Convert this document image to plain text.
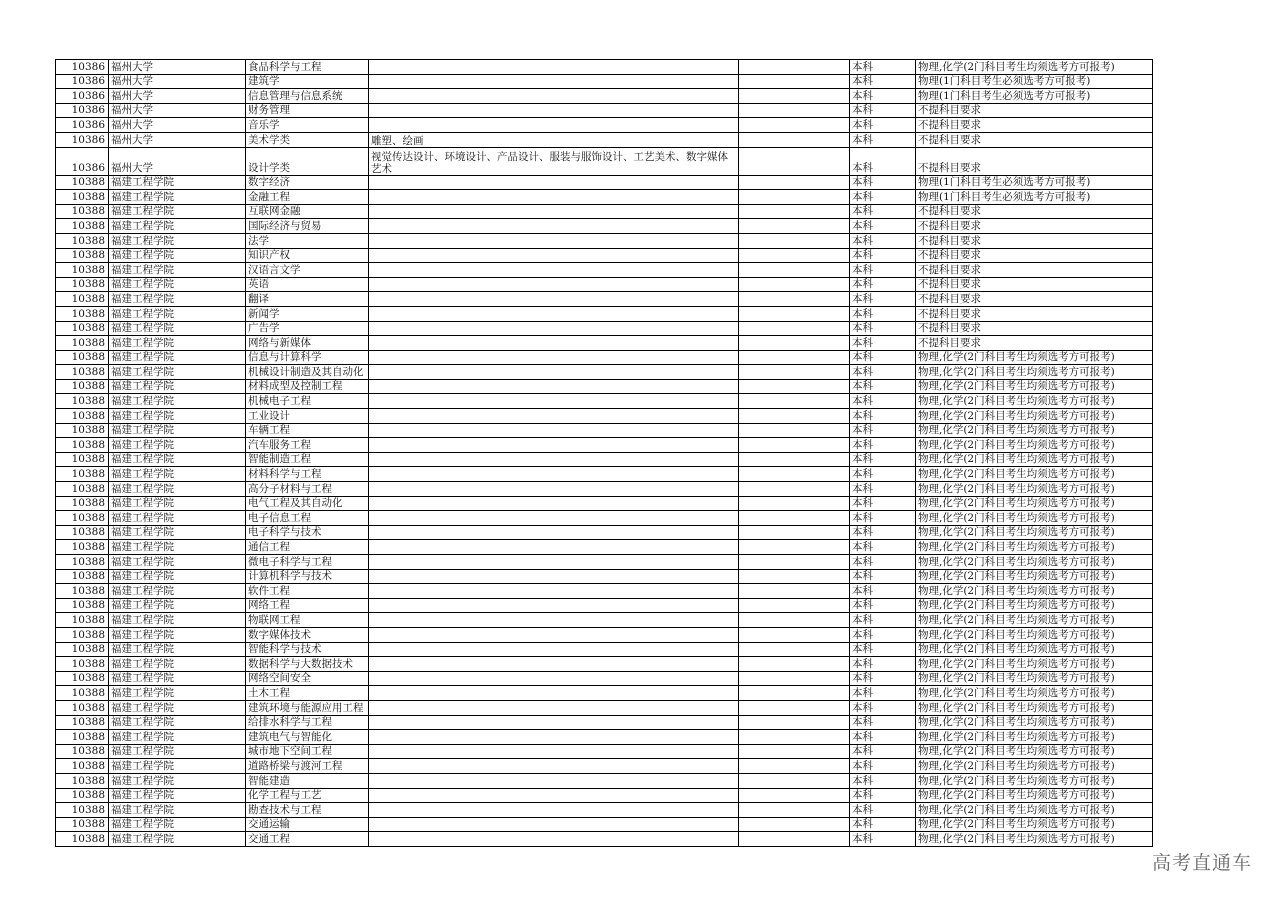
10386	福州大学	食品科学与工程			本科	物理,化学(2门科目考生均须选考方可报考)
10386	福州大学	建筑学			本科	物理(1门科目考生必须选考方可报考)
10386	福州大学	信息管理与信息系统			本科	物理(1门科目考生必须选考方可报考)
10386	福州大学	财务管理			本科	不提科目要求
10386	福州大学	音乐学			本科	不提科目要求
10386	福州大学	美术学类	雕塑、绘画		本科	不提科目要求
10386	福州大学	设计学类	视觉传达设计、环境设计、产品设计、服装与服饰设计、工艺美术、数字媒体艺术		本科	不提科目要求
10388	福建工程学院	数字经济			本科	物理(1门科目考生必须选考方可报考)
10388	福建工程学院	金融工程			本科	物理(1门科目考生必须选考方可报考)
10388	福建工程学院	互联网金融			本科	不提科目要求
10388	福建工程学院	国际经济与贸易			本科	不提科目要求
10388	福建工程学院	法学			本科	不提科目要求
10388	福建工程学院	知识产权			本科	不提科目要求
10388	福建工程学院	汉语言文学			本科	不提科目要求
10388	福建工程学院	英语			本科	不提科目要求
10388	福建工程学院	翻译			本科	不提科目要求
10388	福建工程学院	新闻学			本科	不提科目要求
10388	福建工程学院	广告学			本科	不提科目要求
10388	福建工程学院	网络与新媒体			本科	不提科目要求
10388	福建工程学院	信息与计算科学			本科	物理,化学(2门科目考生均须选考方可报考)
10388	福建工程学院	机械设计制造及其自动化			本科	物理,化学(2门科目考生均须选考方可报考)
10388	福建工程学院	材料成型及控制工程			本科	物理,化学(2门科目考生均须选考方可报考)
10388	福建工程学院	机械电子工程			本科	物理,化学(2门科目考生均须选考方可报考)
10388	福建工程学院	工业设计			本科	物理,化学(2门科目考生均须选考方可报考)
10388	福建工程学院	车辆工程			本科	物理,化学(2门科目考生均须选考方可报考)
10388	福建工程学院	汽车服务工程			本科	物理,化学(2门科目考生均须选考方可报考)
10388	福建工程学院	智能制造工程			本科	物理,化学(2门科目考生均须选考方可报考)
10388	福建工程学院	材料科学与工程			本科	物理,化学(2门科目考生均须选考方可报考)
10388	福建工程学院	高分子材料与工程			本科	物理,化学(2门科目考生均须选考方可报考)
10388	福建工程学院	电气工程及其自动化			本科	物理,化学(2门科目考生均须选考方可报考)
10388	福建工程学院	电子信息工程			本科	物理,化学(2门科目考生均须选考方可报考)
10388	福建工程学院	电子科学与技术			本科	物理,化学(2门科目考生均须选考方可报考)
10388	福建工程学院	通信工程			本科	物理,化学(2门科目考生均须选考方可报考)
10388	福建工程学院	微电子科学与工程			本科	物理,化学(2门科目考生均须选考方可报考)
10388	福建工程学院	计算机科学与技术			本科	物理,化学(2门科目考生均须选考方可报考)
10388	福建工程学院	软件工程			本科	物理,化学(2门科目考生均须选考方可报考)
10388	福建工程学院	网络工程			本科	物理,化学(2门科目考生均须选考方可报考)
10388	福建工程学院	物联网工程			本科	物理,化学(2门科目考生均须选考方可报考)
10388	福建工程学院	数字媒体技术			本科	物理,化学(2门科目考生均须选考方可报考)
10388	福建工程学院	智能科学与技术			本科	物理,化学(2门科目考生均须选考方可报考)
10388	福建工程学院	数据科学与大数据技术			本科	物理,化学(2门科目考生均须选考方可报考)
10388	福建工程学院	网络空间安全			本科	物理,化学(2门科目考生均须选考方可报考)
10388	福建工程学院	土木工程			本科	物理,化学(2门科目考生均须选考方可报考)
10388	福建工程学院	建筑环境与能源应用工程			本科	物理,化学(2门科目考生均须选考方可报考)
10388	福建工程学院	给排水科学与工程			本科	物理,化学(2门科目考生均须选考方可报考)
10388	福建工程学院	建筑电气与智能化			本科	物理,化学(2门科目考生均须选考方可报考)
10388	福建工程学院	城市地下空间工程			本科	物理,化学(2门科目考生均须选考方可报考)
10388	福建工程学院	道路桥梁与渡河工程			本科	物理,化学(2门科目考生均须选考方可报考)
10388	福建工程学院	智能建造			本科	物理,化学(2门科目考生均须选考方可报考)
10388	福建工程学院	化学工程与工艺			本科	物理,化学(2门科目考生均须选考方可报考)
10388	福建工程学院	勘查技术与工程			本科	物理,化学(2门科目考生均须选考方可报考)
10388	福建工程学院	交通运输			本科	物理,化学(2门科目考生均须选考方可报考)
10388	福建工程学院	交通工程			本科	物理,化学(2门科目考生均须选考方可报考)
高考直通车
